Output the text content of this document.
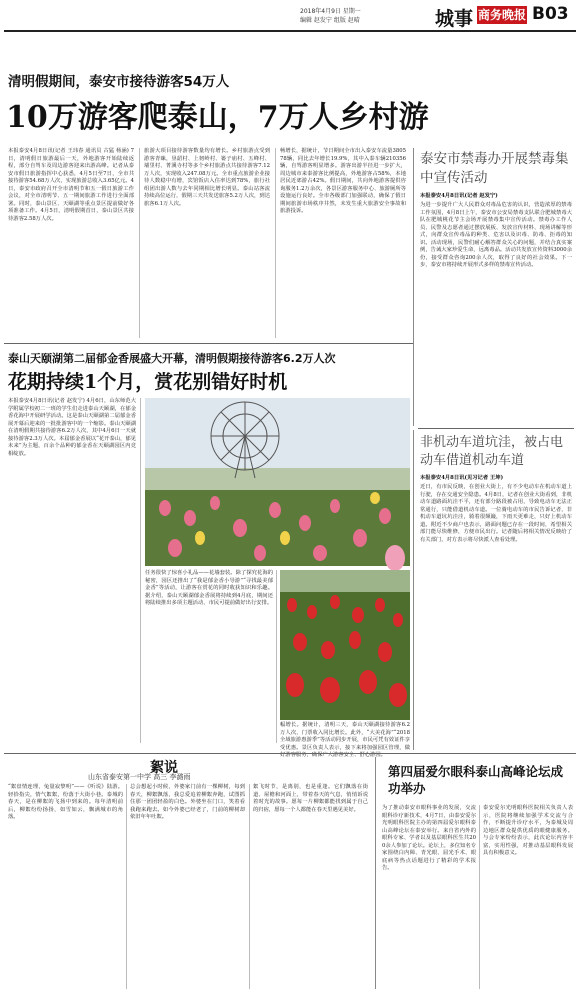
2018年4月9日 星期一
编辑 赵发宁 组版 赵晴	城事 商务晚报 B03
清明假期间，泰安市接待游客54万人
10万游客爬泰山，7万人乡村游
本报泰安4月8日讯(记者 王玮春 通讯员 古猛 杨涵) 7日，清明假日旅游最后一天，外地游客开始陆续返程，部分自驾车及周边游客迎来出游高峰。记者从泰安市假日旅游指挥中心获悉，4月5日至7日，全市共接待游客54.68万人次，实现旅游总收入3.65亿元。4日，泰安市政府召开全市清明节和五一假日旅游工作会议，对全市清明节、五一期间旅游工作进行全面部署。同时，泰山景区、天颐湖等重点景区提前做好各项准备工作。4月5日，清明假期首日，泰山景区共接待游客2.58万人次。
旅游大项目接待游客数量均有增长。乡村旅游点受到游客青睐，垦韶村、上韧岭村、篓子庙村、五峰村、墙里村、菁溪寺村等多个乡村旅游点共接待游客7.12万人次，实现收入247.08万元。全市重点旅游企业接待人数稳中有增，宾馆饭店入住率达到78%，旅行社组团出游人数与去年同期相比增长明显。泰山站客流持续高位运行，假期三天共发送旅客5.2万人次，到达旅客6.1万人次。
畅增长，据统计，节日期间全市出入泰安车流量380578辆，同比去年增长19.9%，其中入泰车辆210356辆，自驾游客明显增多。游客出游半径进一步扩大，周边城市来泰游客比例提高，外地游客占58%，本地居民近郊游占42%。假日期间，共向外地游客提供咨询服务1.2万余次，各景区游客服务中心、旅游厕所等设施运行良好。全市各级部门加强联动，确保了假日期间旅游市场秩序井然，未发生重大旅游安全事故和旅游投诉。
泰安市禁毒办开展禁毒集中宣传活动
本报泰安4月8日讯(记者 赵发宁)
为进一步提升广大人民群众对毒品危害的认识，营造浓厚的禁毒工作氛围，4月8日上午，泰安市公安局禁毒支队联合肥城禁毒大队在肥城桃花节主会场开展禁毒集中宣传活动。禁毒办工作人员、民警及志愿者通过摆放展板、发放宣传材料、现场讲解等形式，向群众宣传毒品的种类、危害以及识毒、防毒、拒毒的知识。活动现场，民警们耐心解答群众关心的问题，并结合真实案例，告诫大家珍爱生命，远离毒品。活动共发放宣传资料3000余份，接受群众咨询200余人次，取得了良好的社会效果。下一步，泰安市将持续开展形式多样的禁毒宣传活动。
泰山天颐湖第二届郁金香展盛大开幕，清明假期接待游客6.2万人次
花期持续1个月，赏花别错好时机
本报泰安4月8日讯(记者 赵发宁) 4月6日，山东师范大学附属学校初二一班的学生们走进泰山天颐湖，在郁金香花海中开展研学活动。这是泰山天颐湖第二届郁金香展开幕后迎来的一批批游客中的一个缩影。泰山天颐湖在清明假期共接待游客6.2万人次，其中4月6日一天就接待游客2.3万人次。本届郁金香展以“花开泰山，郁见未来”为主题，百余个品种的郁金香在天颐湖园区内竞相绽放。
任务很快了惊喜小礼品——花墙套装。除了探究花海的秘密，园区还推出了“我是郁金香小导游”“寻找最美郁金香”等活动，让游客在赏花的同时收获知识和乐趣。据介绍，泰山天颐湖郁金香展将持续到4月底，期间还将陆续推出多项主题活动，市民可提前做好出行安排。
幅增长。据统计，清明三天，泰山天颐湖接待游客6.2万人次，门票收入同比增长。此外，“大美花海”“2018全域旅游惠游季”等活动同步开展，市民可凭有效证件享受优惠。景区负责人表示，接下来将加强园区管理，做好游客服务，确保广大游客安全、舒心游园。
非机动车道坑洼，被占电动车借道机动车道
本报泰安4月8日讯(见习记者 王坤)
近日，有市民反映，在创业大街上，有不少电动车在机动车道上行驶，存在交通安全隐患。4月8日，记者在创业大街看到，非机动车道路面坑洼不平，还有部分路段被占用，导致电动车无法正常通行，只能借道机动车道。一位骑电动车的市民告诉记者，非机动车道坑坑洼洼，骑着很颠簸，下雨天更难走，只好上机动车道。附近不少商户也表示，路面问题已存在一段时间，希望相关部门能尽快维修，方便市民出行。记者随后将相关情况反映给了有关部门，对方表示将尽快派人查看处理。
山东省泰安第一中学 高三 李潞雨
絮说
“絮盘情连理，兔量寂黎明”——《听说》陆游。轻拾指尖，情气絮絮，纷落于大街小巷。泰城的春天，是在柳絮的飞扬中到来的。每年清明前后，柳絮纷纷扬扬，如雪如云，飘满城市的角落。
总会想起小时候，外婆家门前有一棵柳树，每到春天，柳絮飘落，我总爱追着柳絮奔跑，试图抓住那一团团轻盈的白色。外婆坐在门口，笑着看我跑来跑去。如今外婆已经老了，门前的柳树却依旧年年吐絮。
絮飞时节，是离别，也是重逢。它们飘落在街道、屋檐和河面上，带着春天的气息，悄悄诉说着时光的故事。愿每一片柳絮都能找到属于自己的归宿，愿每一个人都能在春天里遇见美好。
第四届爱尔眼科泰山高峰论坛成功举办
为了推动泰安市眼科事业的发展，交流眼科诊疗新技术，4月7日，由泰安爱尔光明眼科医院主办的第四届爱尔眼科泰山高峰论坛在泰安举行。来自省内外的眼科专家、学者以及基层眼科医生共200余人参加了论坛。论坛上，多位知名专家围绕白内障、青光眼、屈光手术、眼底病等热点话题进行了精彩的学术报告。
泰安爱尔光明眼科医院相关负责人表示，医院将继续加强学术交流与合作，不断提升诊疗水平，为泰城及周边地区群众提供优质的眼健康服务。与会专家纷纷表示，此次论坛内容丰富，实用性强，对推动基层眼科发展具有积极意义。
